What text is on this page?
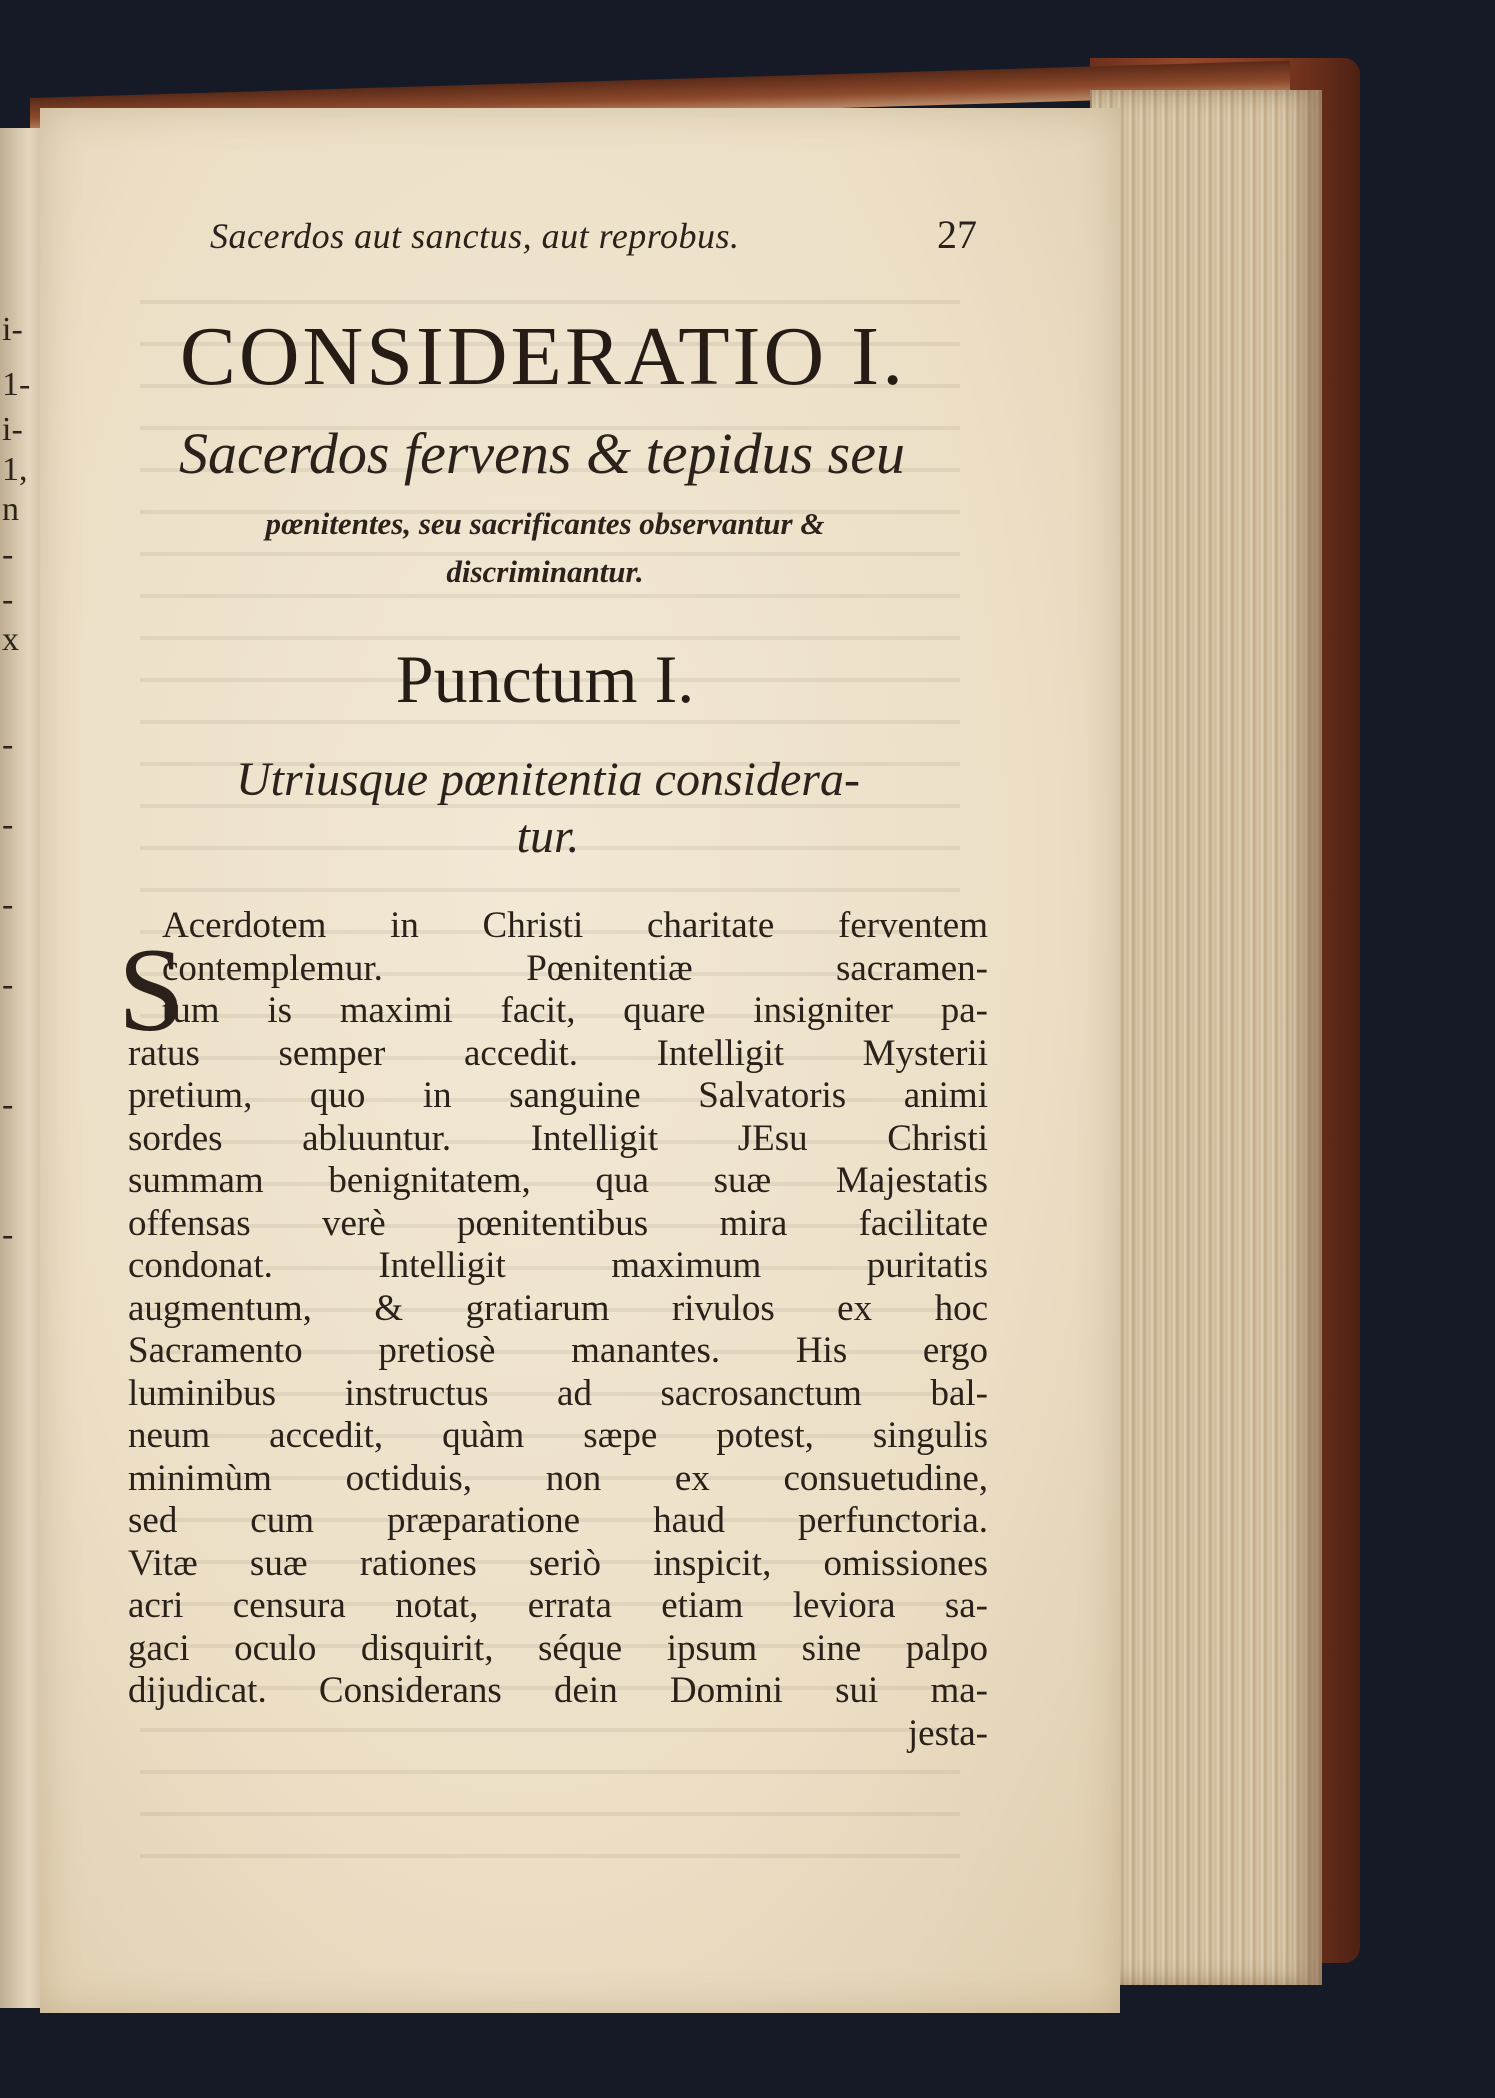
i-
1-
i-
1,
n
-
-
x
-
-
-
-
-
-
Sacerdos aut sanctus, aut reprobus.	27
CONSIDERATIO I.
Sacerdos fervens & tepidus seu
pœnitentes, seu sacrificantes observantur &
discriminantur.
Punctum I.
Utriusque pœnitentia considera-
tur.
S
Acerdotem in Christi charitate ferventem
contemplemur. Pœnitentiæ sacramen-
tum is maximi facit, quare insigniter pa-
ratus semper accedit. Intelligit Mysterii
pretium, quo in sanguine Salvatoris animi
sordes abluuntur. Intelligit JEsu Christi
summam benignitatem, qua suæ Majestatis
offensas verè pœnitentibus mira facilitate
condonat. Intelligit maximum puritatis
augmentum, & gratiarum rivulos ex hoc
Sacramento pretiosè manantes. His ergo
luminibus instructus ad sacrosanctum bal-
neum accedit, quàm sæpe potest, singulis
minimùm octiduis, non ex consuetudine,
sed cum præparatione haud perfunctoria.
Vitæ suæ rationes seriò inspicit, omissiones
acri censura notat, errata etiam leviora sa-
gaci oculo disquirit, séque ipsum sine palpo
dijudicat. Considerans dein Domini sui ma-
jesta-
